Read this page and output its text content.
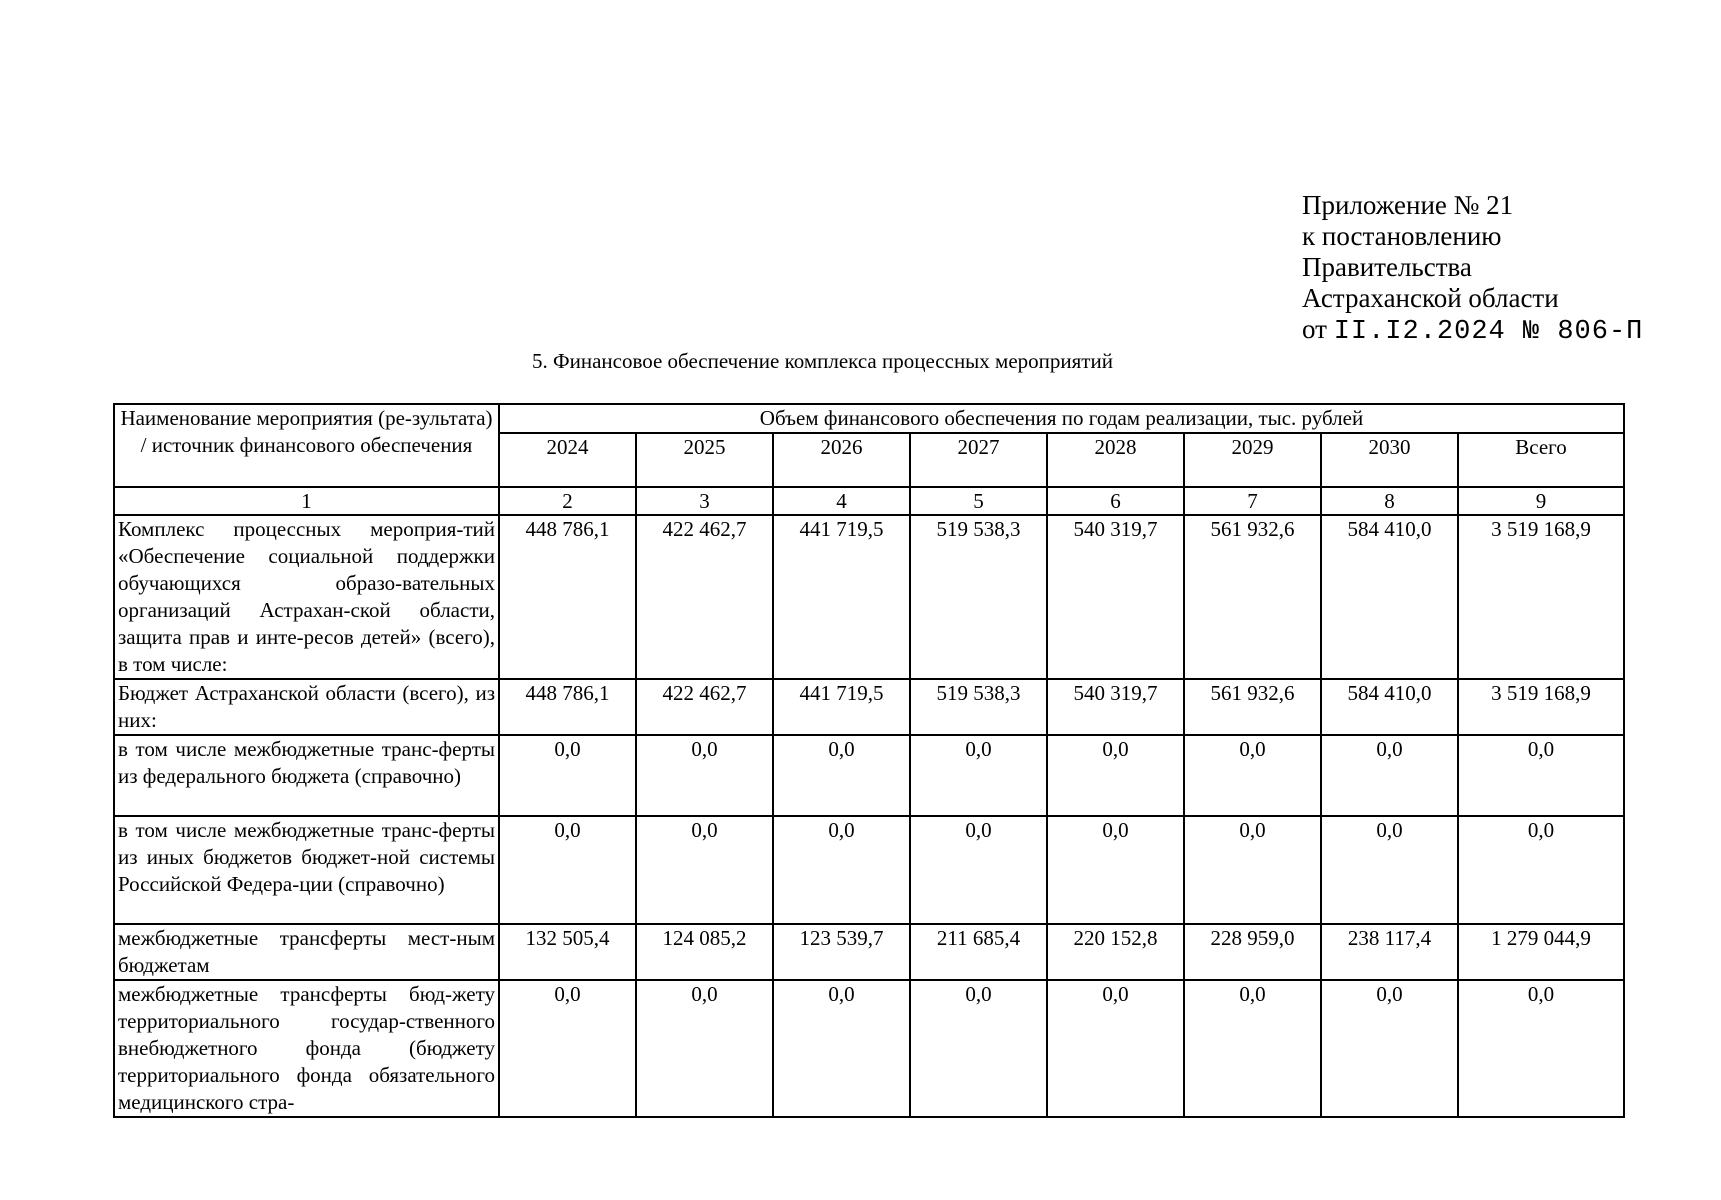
Приложение № 21
к постановлению
Правительства
Астраханской области
от II.I2.2024 № 806-П
5. Финансовое обеспечение комплекса процессных мероприятий
Наименование мероприятия (ре-зультата) / источник финансового обеспечения	Объем финансового обеспечения по годам реализации, тыс. рублей							
	2024	2025	2026	2027	2028	2029	2030	Всего
1	2	3	4	5	6	7	8	9
Комплекс процессных мероприя-тий «Обеспечение социальной поддержки обучающихся образо-вательных организаций Астрахан-ской области, защита прав и инте-ресов детей» (всего), в том числе:	448 786,1	422 462,7	441 719,5	519 538,3	540 319,7	561 932,6	584 410,0	3 519 168,9
Бюджет Астраханской области (всего), из них:	448 786,1	422 462,7	441 719,5	519 538,3	540 319,7	561 932,6	584 410,0	3 519 168,9
в том числе межбюджетные транс-ферты из федерального бюджета (справочно)	0,0	0,0	0,0	0,0	0,0	0,0	0,0	0,0
в том числе межбюджетные транс-ферты из иных бюджетов бюджет-ной системы Российской Федера-ции (справочно)	0,0	0,0	0,0	0,0	0,0	0,0	0,0	0,0
межбюджетные трансферты мест-ным бюджетам	132 505,4	124 085,2	123 539,7	211 685,4	220 152,8	228 959,0	238 117,4	1 279 044,9
межбюджетные трансферты бюд-жету территориального государ-ственного внебюджетного фонда (бюджету территориального фонда обязательного медицинского стра-	0,0	0,0	0,0	0,0	0,0	0,0	0,0	0,0
